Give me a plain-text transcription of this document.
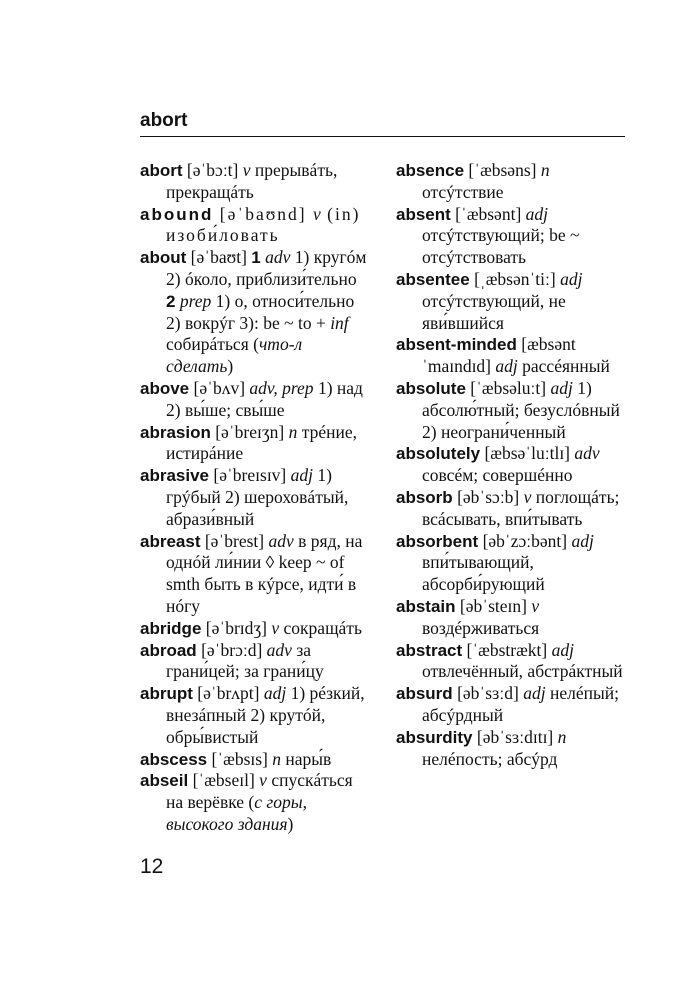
abort
abort [əˈbɔːt] v прерывáть, прекращáть
abound [əˈbaʊnd] v (in) изоби́ловать
about [əˈbaʊt] 1 adv 1) кругóм 2) óколо, приблизи́тельно 2 prep 1) о, относи́тельно 2) вокрýг 3): be ~ to + inf собирáться (что-л сделать)
above [əˈbʌv] adv, prep 1) над 2) вы́ше; свы́ше
abrasion [əˈbreɪʒn] n трéние, истирáние
abrasive [əˈbreɪsɪv] adj 1) грýбый 2) шероховáтый, абрази́вный
abreast [əˈbrest] adv в ряд, на однóй ли́нии ◊ keep ~ of smth быть в кýрсе, идти́ в нóгу
abridge [əˈbrɪdʒ] v сокращáть
abroad [əˈbrɔːd] adv за грани́цей; за грани́цу
abrupt [əˈbrʌpt] adj 1) рéзкий, внезáпный 2) крутóй, обры́вистый
abscess [ˈæbsɪs] n нары́в
abseil [ˈæbseɪl] v спускáться на верёвке (с горы, высокого здания)
absence [ˈæbsəns] n отсýтствие
absent [ˈæbsənt] adj отсýтствующий; be ~ отсýтствовать
absentee [ˌæbsənˈtiː] adj отсýтствующий, не яви́вшийся
absent-minded [æbsəntˈmaɪndɪd] adj рассéянный
absolute [ˈæbsəluːt] adj 1) абсолю́тный; безуслóвный 2) неограни́ченный
absolutely [æbsəˈluːtlɪ] adv совсéм; совершéнно
absorb [əbˈsɔːb] v поглощáть; всáсывать, впи́тывать
absorbent [əbˈzɔːbənt] adj впи́тывающий, абсорби́рующий
abstain [əbˈsteɪn] v воздéрживаться
abstract [ˈæbstrækt] adj отвлечённый, абстрáктный
absurd [əbˈsɜːd] adj нелéпый; абсýрдный
absurdity [əbˈsɜːdɪtɪ] n нелéпость; абсýрд
12
